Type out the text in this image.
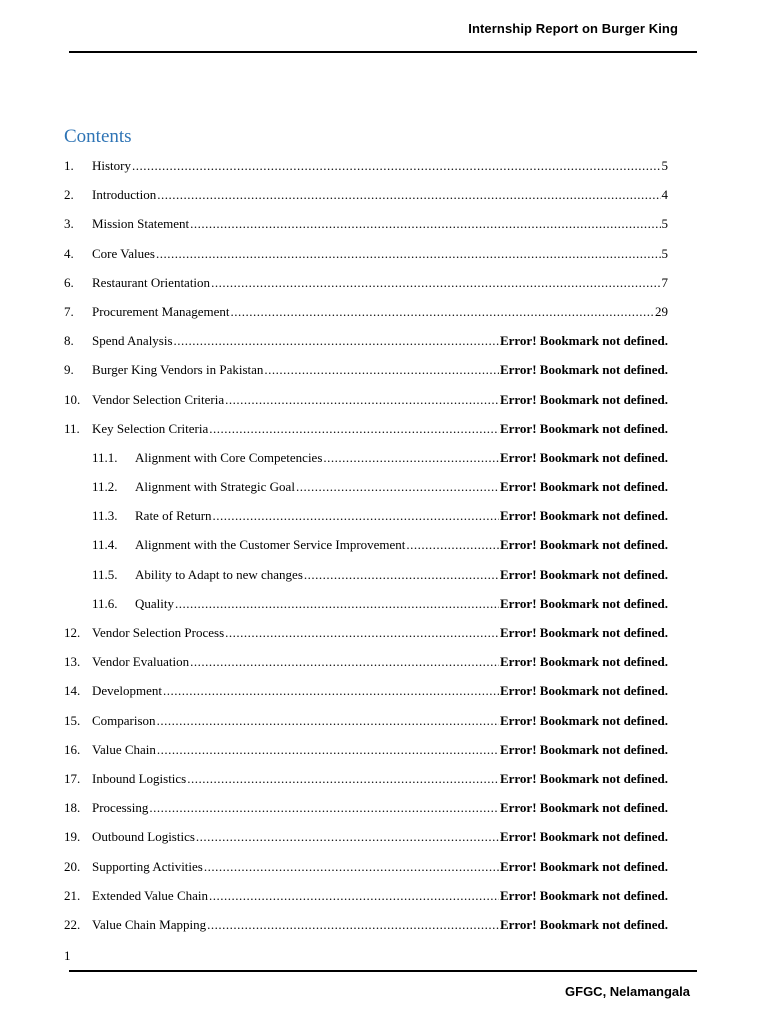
Internship Report on Burger King
Contents
1.	History .....	5
2.	Introduction .....	4
3.	Mission Statement .....	5
4.	Core Values .....	5
6.	Restaurant Orientation .....	7
7.	Procurement Management .....	29
8.	Spend Analysis .....	Error! Bookmark not defined.
9.	Burger King Vendors in Pakistan .....	Error! Bookmark not defined.
10. Vendor Selection Criteria .....	Error! Bookmark not defined.
11. Key Selection Criteria .....	Error! Bookmark not defined.
11.1.	Alignment with Core Competencies .....	Error! Bookmark not defined.
11.2.	Alignment with Strategic Goal .....	Error! Bookmark not defined.
11.3.	Rate of Return .....	Error! Bookmark not defined.
11.4.	Alignment with the Customer Service Improvement .....	Error! Bookmark not defined.
11.5.	Ability to Adapt to new changes .....	Error! Bookmark not defined.
11.6.	Quality .....	Error! Bookmark not defined.
12. Vendor Selection Process .....	Error! Bookmark not defined.
13. Vendor Evaluation .....	Error! Bookmark not defined.
14. Development .....	Error! Bookmark not defined.
15. Comparison .....	Error! Bookmark not defined.
16. Value Chain .....	Error! Bookmark not defined.
17. Inbound Logistics .....	Error! Bookmark not defined.
18. Processing .....	Error! Bookmark not defined.
19. Outbound Logistics .....	Error! Bookmark not defined.
20. Supporting Activities .....	Error! Bookmark not defined.
21. Extended Value Chain .....	Error! Bookmark not defined.
22. Value Chain Mapping .....	Error! Bookmark not defined.
1
GFGC, Nelamangala
